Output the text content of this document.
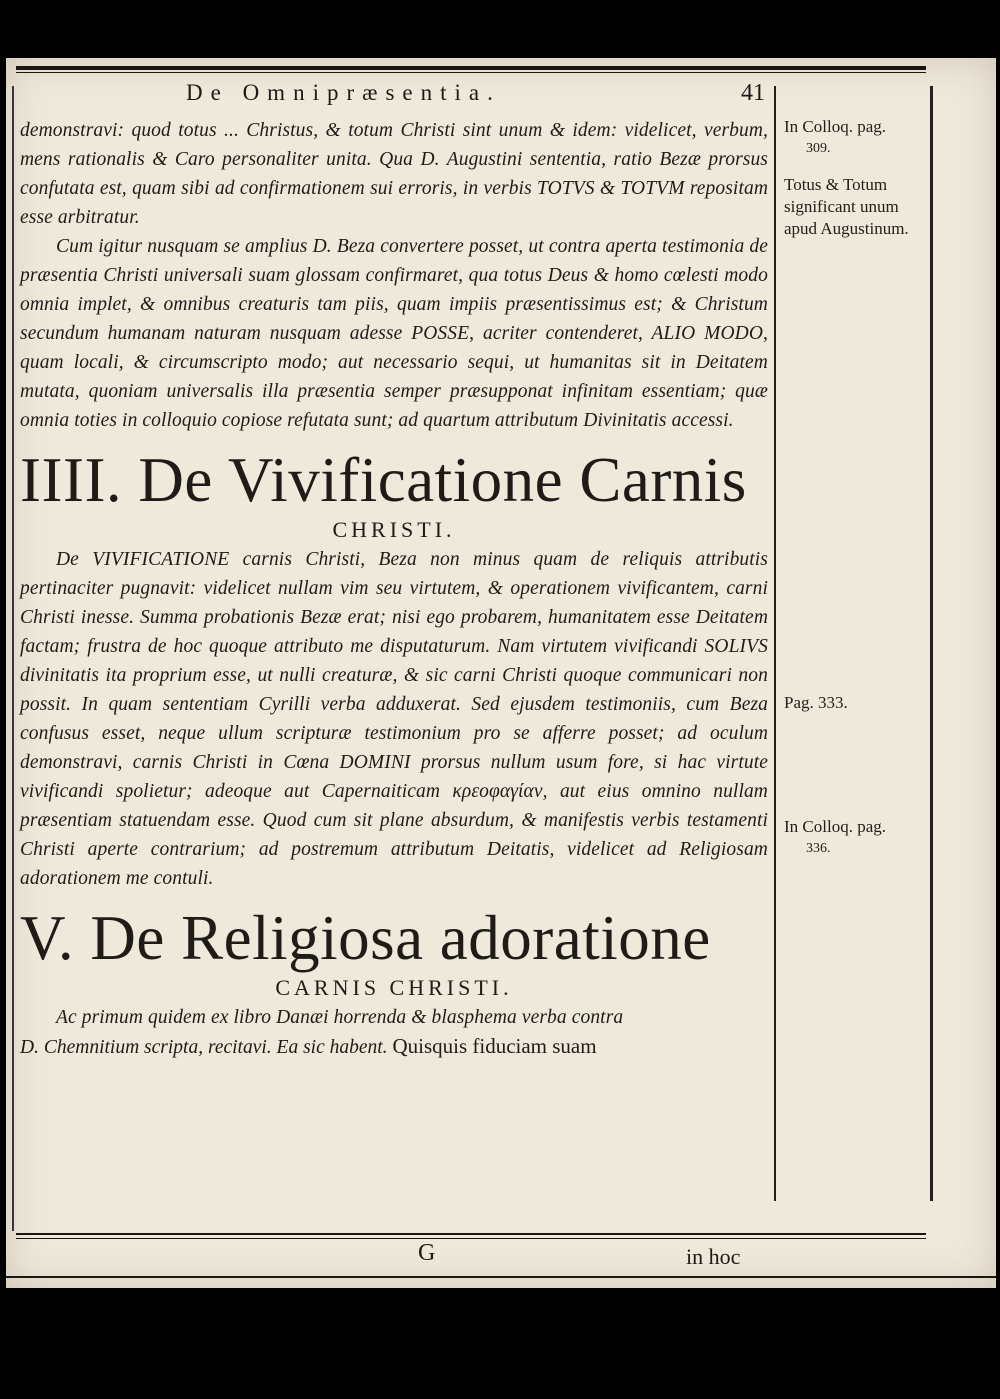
De Omnipræsentia.	41

demonstravi: quod totus ... Christus, & totum Christi sint unum & idem: videlicet, verbum, mens rationalis & Caro personaliter unita. Qua D. Augustini sententia, ratio Bezæ prorsus confutata est, quam sibi ad confirmationem sui erroris, in verbis TOTVS & TOTVM repositam esse arbitratur.

Cum igitur nusquam se amplius D. Beza convertere posset, ut contra aperta testimonia de præsentia Christi universali suam glossam confirmaret, qua totus Deus & homo cœlesti modo omnia implet, & omnibus creaturis tam piis, quam impiis præsentissimus est; & Christum secundum humanam naturam nusquam adesse POSSE, acriter contenderet, ALIO MODO, quam locali, & circumscripto modo; aut necessario sequi, ut humanitas sit in Deitatem mutata, quoniam universalis illa præsentia semper præsupponat infinitam essentiam; quæ omnia toties in colloquio copiose refutata sunt; ad quartum attributum Divinitatis accessi.

IIII. De Vivificatione Carnis
CHRISTI.

De VIVIFICATIONE carnis Christi, Beza non minus quam de reliquis attributis pertinaciter pugnavit: videlicet nullam vim seu virtutem, & operationem vivificantem, carni Christi inesse. Summa probationis Bezæ erat; nisi ego probarem, humanitatem esse Deitatem factam; frustra de hoc quoque attributo me disputaturum. Nam virtutem vivificandi SOLIVS divinitatis ita proprium esse, ut nulli creaturæ, & sic carni Christi quoque communicari non possit. In quam sententiam Cyrilli verba adduxerat. Sed ejusdem testimoniis, cum Beza confusus esset, neque ullum scripturæ testimonium pro se afferre posset; ad oculum demonstravi, carnis Christi in Cœna DOMINI prorsus nullum usum fore, si hac virtute vivificandi spolietur; adeoque aut Capernaiticam κρεοφαγίαν, aut eius omnino nullam præsentiam statuendam esse. Quod cum sit plane absurdum, & manifestis verbis testamenti Christi aperte contrarium; ad postremum attributum Deitatis, videlicet ad Religiosam adorationem me contuli.

V. De Religiosa adoratione
CARNIS CHRISTI.

Ac primum quidem ex libro Danæi horrenda & blasphema verba contra

D. Chemnitium scripta, recitavi. Ea sic habent. Quisquis fiduciam suam

In Colloq. pag.
309.
Totus & Totum significant unum apud Augustinum.
Pag. 333.
In Colloq. pag.
336.
G	in hoc
